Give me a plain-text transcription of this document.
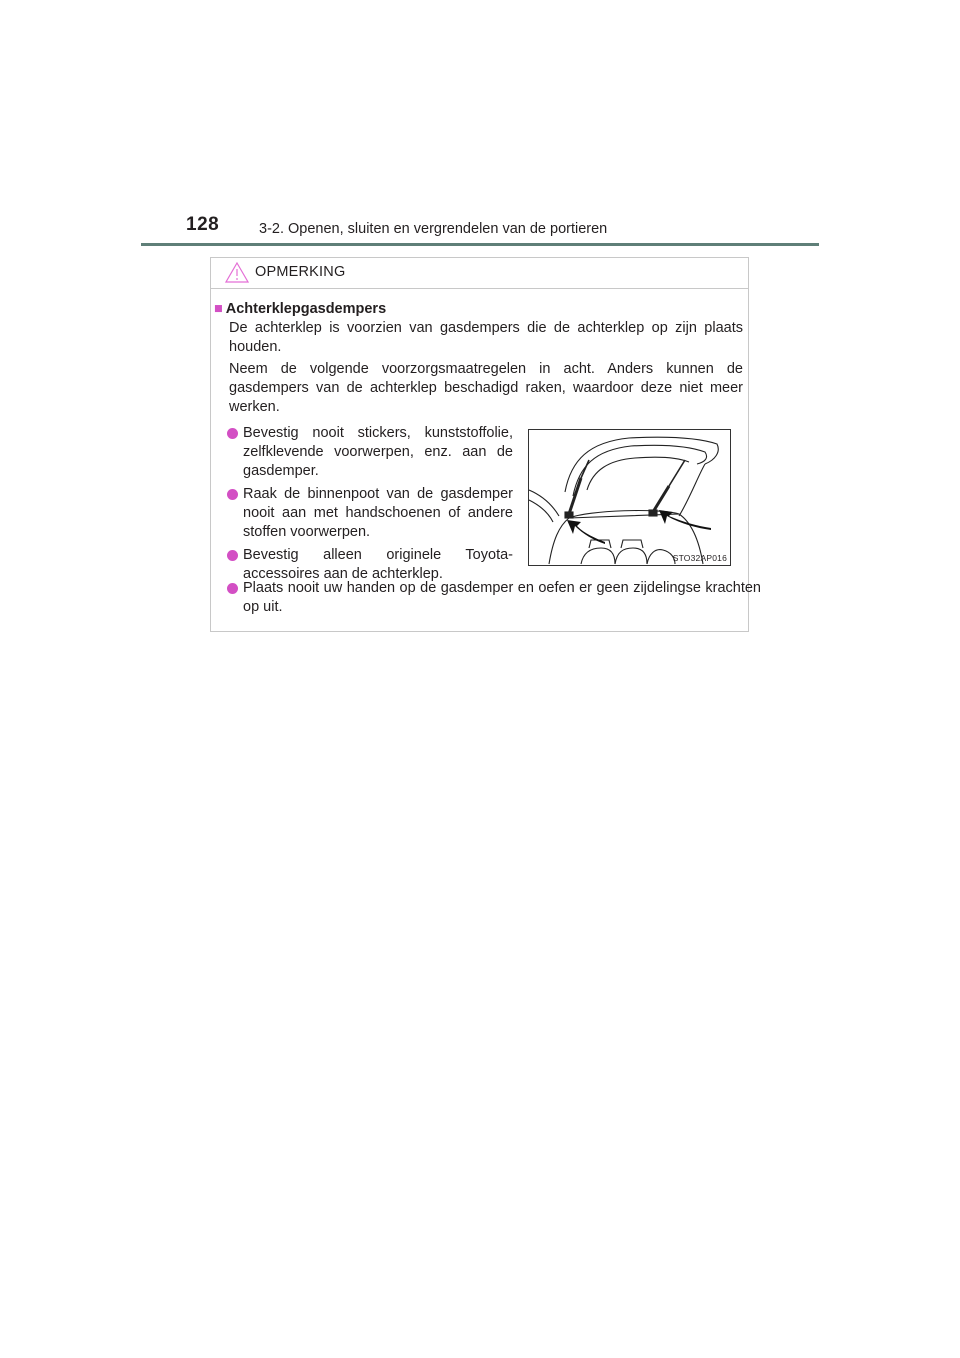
128	3-2. Openen, sluiten en vergrendelen van de portieren
OPMERKING
■ Achterklepgasdempers
De achterklep is voorzien van gasdempers die de achterklep op zijn plaats houden.
Neem de volgende voorzorgsmaatregelen in acht. Anders kunnen de gasdempers van de achterklep beschadigd raken, waardoor deze niet meer werken.
Bevestig nooit stickers, kunststoffolie, zelfklevende voorwerpen, enz. aan de gasdemper.
Raak de binnenpoot van de gasdemper nooit aan met handschoenen of andere stoffen voorwerpen.
Bevestig alleen originele Toyota-accessoires aan de achterklep.
Plaats nooit uw handen op de gasdemper en oefen er geen zijdelingse krachten op uit.
STO32AP016
